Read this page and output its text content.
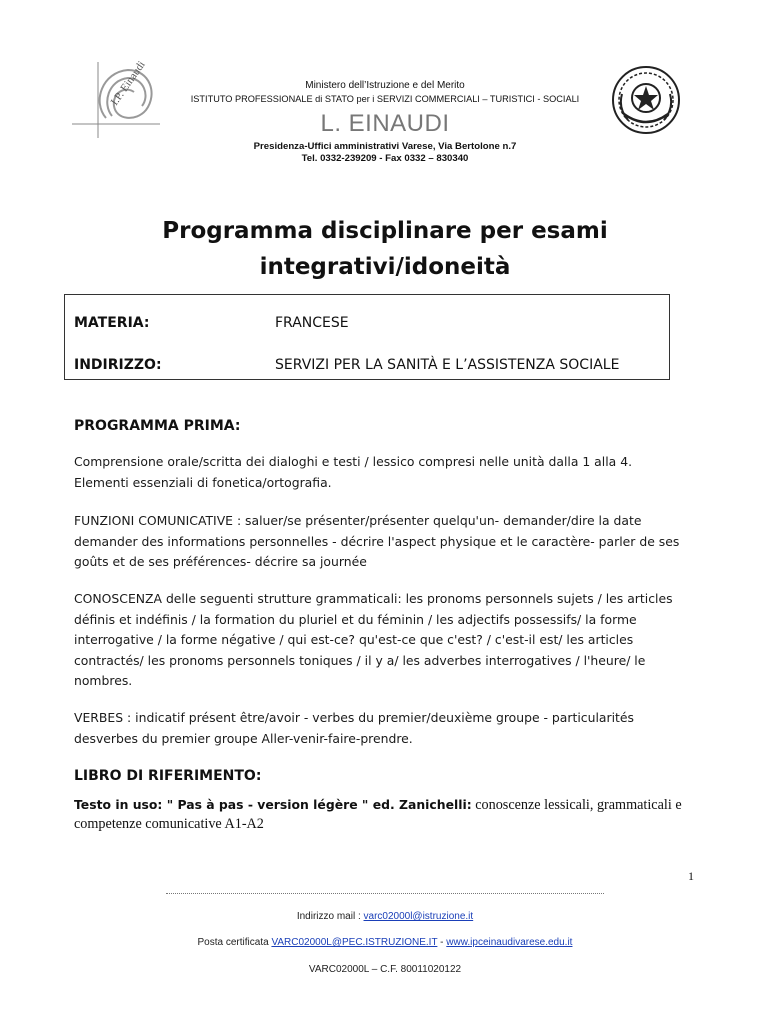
I.P. Einaudi	Ministero dell’Istruzione e del Merito
ISTITUTO PROFESSIONALE di STATO per i SERVIZI COMMERCIALI – TURISTICI - SOCIALI
L. EINAUDI
Presidenza-Uffici amministrativi Varese, Via Bertolone n.7
Tel. 0332-239209 - Fax 0332 – 830340
Programma disciplinare per esami
integrativi/idoneità
MATERIA:	FRANCESE
INDIRIZZO:	SERVIZI PER LA SANITÀ E L’ASSISTENZA SOCIALE
PROGRAMMA PRIMA:
Comprensione orale/scritta dei dialoghi e testi / lessico compresi nelle unità dalla 1 alla 4.
Elementi essenziali di fonetica/ortografia.
FUNZIONI COMUNICATIVE : saluer/se présenter/présenter quelqu'un- demander/dire la date
demander des informations personnelles - décrire l'aspect physique et le caractère- parler de ses
goûts et de ses préférences- décrire sa journée
CONOSCENZA delle seguenti strutture grammaticali: les pronoms personnels sujets / les articles
définis et indéfinis / la formation du pluriel et du féminin / les adjectifs possessifs/ la forme
interrogative / la forme négative / qui est-ce? qu'est-ce que c'est? / c'est-il est/ les articles
contractés/ les pronoms personnels toniques / il y a/ les adverbes interrogatives / l'heure/ le
nombres.
VERBES : indicatif présent être/avoir - verbes du premier/deuxième groupe - particularités
desverbes du premier groupe Aller-venir-faire-prendre.
LIBRO DI RIFERIMENTO:
Testo in uso: " Pas à pas - version légère " ed. Zanichelli: conoscenze lessicali, grammaticali e
competenze comunicative A1-A2
1
Indirizzo mail : varc02000l@istruzione.it
Posta certificata VARC02000L@PEC.ISTRUZIONE.IT - www.ipceinaudivarese.edu.it
VARC02000L – C.F. 80011020122
